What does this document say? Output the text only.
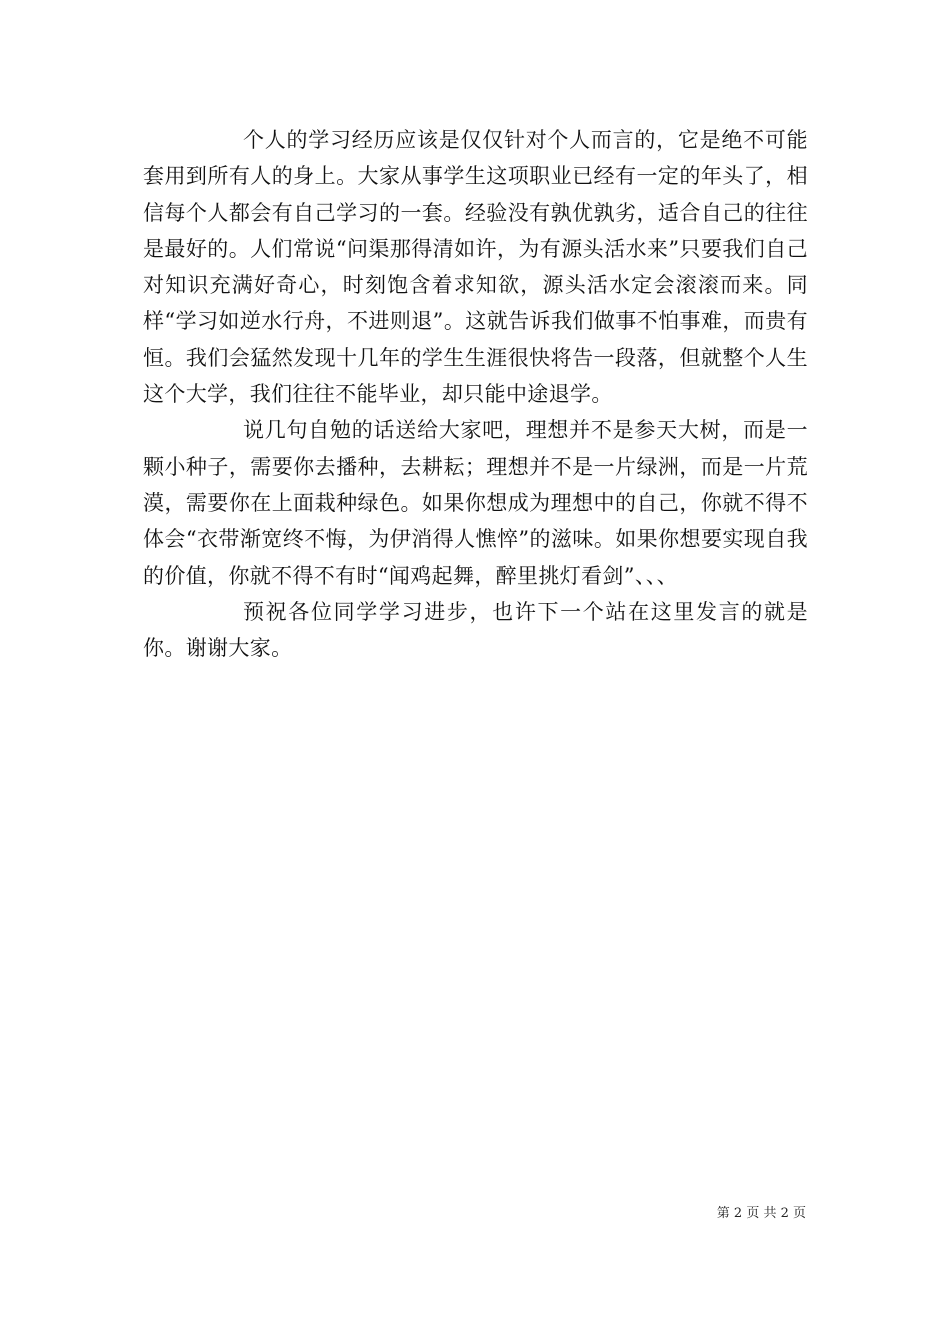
个人的学习经历应该是仅仅针对个人而言的，它是绝不可能套用到所有人的身上。大家从事学生这项职业已经有一定的年头了，相信每个人都会有自己学习的一套。经验没有孰优孰劣，适合自己的往往是最好的。人们常说“问渠那得清如许，为有源头活水来”只要我们自己对知识充满好奇心，时刻饱含着求知欲，源头活水定会滚滚而来。同样“学习如逆水行舟，不进则退”。这就告诉我们做事不怕事难，而贵有恒。我们会猛然发现十几年的学生生涯很快将告一段落，但就整个人生这个大学，我们往往不能毕业，却只能中途退学。

说几句自勉的话送给大家吧，理想并不是参天大树，而是一颗小种子，需要你去播种，去耕耘；理想并不是一片绿洲，而是一片荒漠，需要你在上面栽种绿色。如果你想成为理想中的自己，你就不得不体会“衣带渐宽终不悔，为伊消得人憔悴”的滋味。如果你想要实现自我的价值，你就不得不有时“闻鸡起舞，醉里挑灯看剑”、、、

预祝各位同学学习进步，也许下一个站在这里发言的就是你。谢谢大家。

第 2 页 共 2 页
